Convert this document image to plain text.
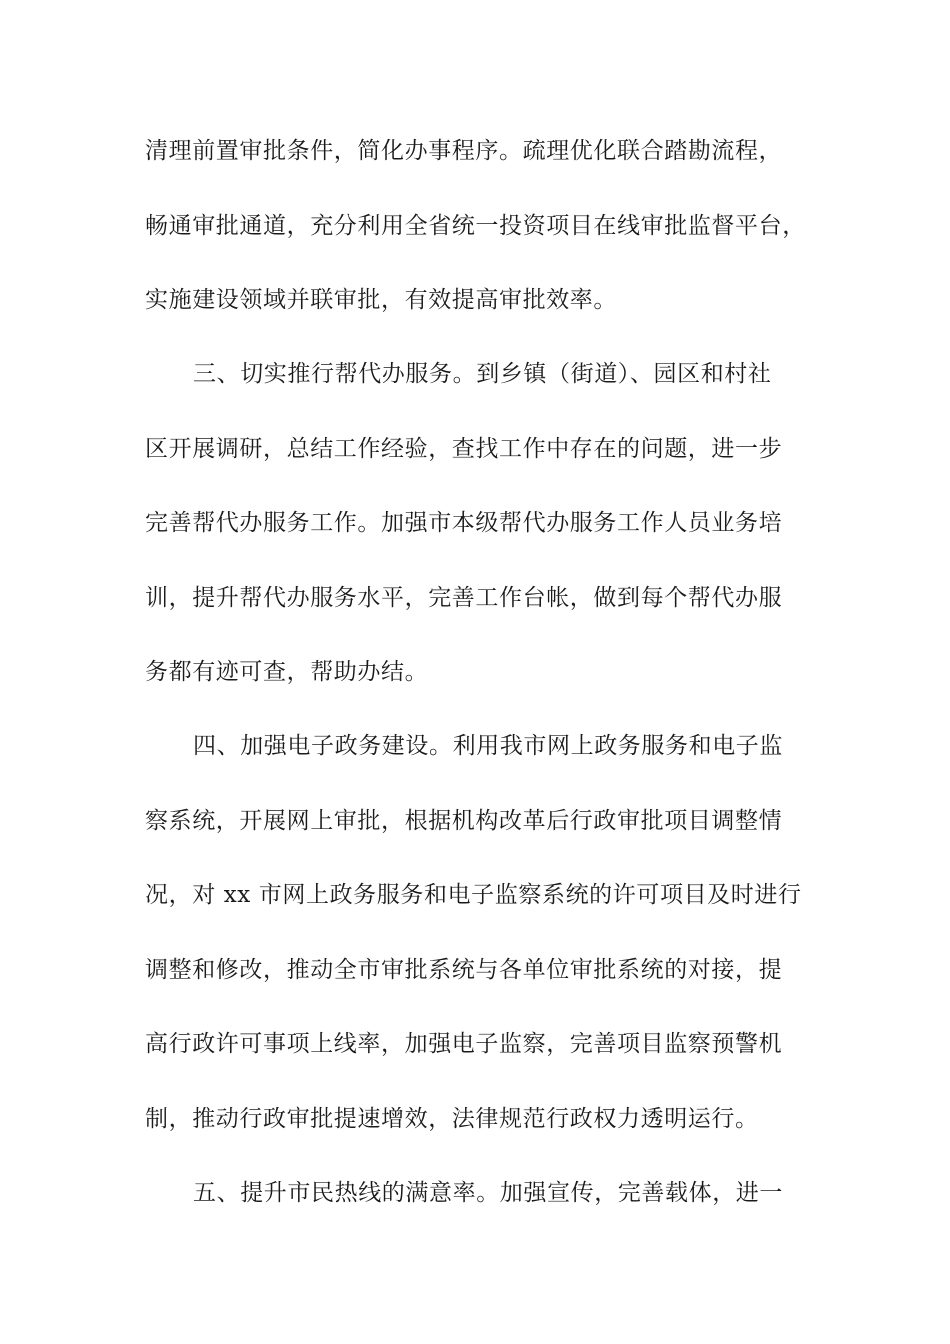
清理前置审批条件，简化办事程序。疏理优化联合踏勘流程，
畅通审批通道，充分利用全省统一投资项目在线审批监督平台，
实施建设领域并联审批，有效提高审批效率。
三、切实推行帮代办服务。到乡镇（街道）、园区和村社
区开展调研，总结工作经验，查找工作中存在的问题，进一步
完善帮代办服务工作。加强市本级帮代办服务工作人员业务培
训，提升帮代办服务水平，完善工作台帐，做到每个帮代办服
务都有迹可查，帮助办结。
四、加强电子政务建设。利用我市网上政务服务和电子监
察系统，开展网上审批，根据机构改革后行政审批项目调整情
况，对 xx 市网上政务服务和电子监察系统的许可项目及时进行
调整和修改，推动全市审批系统与各单位审批系统的对接，提
高行政许可事项上线率，加强电子监察，完善项目监察预警机
制，推动行政审批提速增效，法律规范行政权力透明运行。
五、提升市民热线的满意率。加强宣传，完善载体，进一
